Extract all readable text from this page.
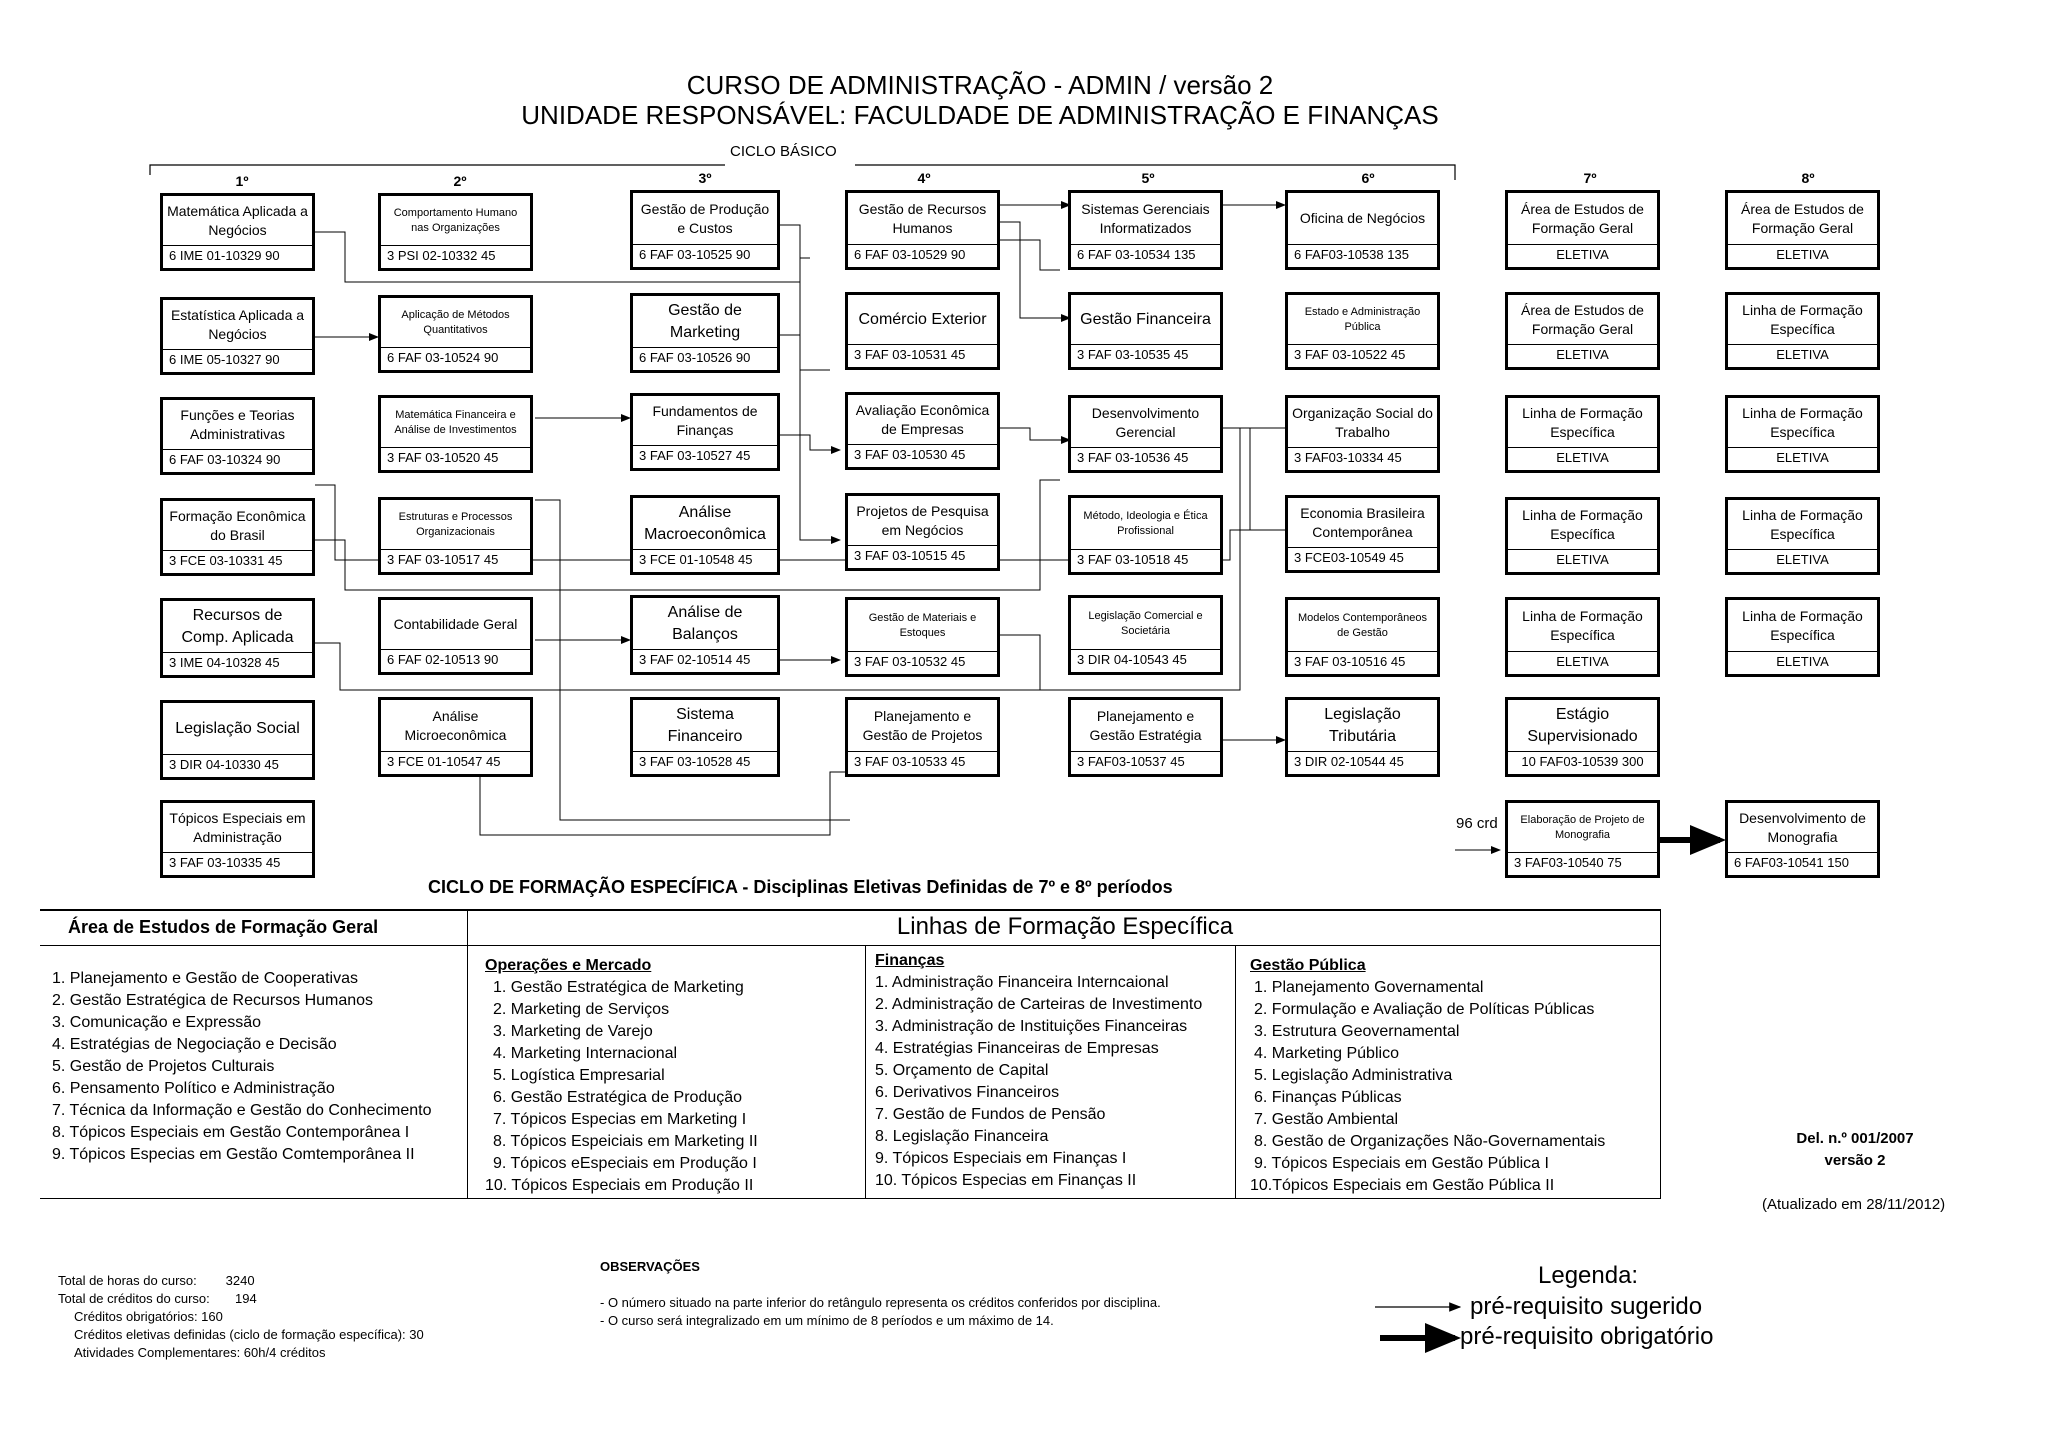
CURSO DE ADMINISTRAÇÃO - ADMIN / versão 2
UNIDADE RESPONSÁVEL: FACULDADE DE ADMINISTRAÇÃO E FINANÇAS
CICLO BÁSICO
1º	2º	3º	4º	5º	6º	7º	8º
Matemática Aplicada a Negócios
6 IME 01-10329 90
Estatística Aplicada a Negócios
6 IME 05-10327 90
Funções e Teorias Administrativas
6 FAF 03-10324 90
Formação Econômica do Brasil
3 FCE 03-10331 45
Recursos de Comp. Aplicada
3 IME 04-10328 45
Legislação Social
3 DIR 04-10330 45
Tópicos Especiais em Administração
3 FAF 03-10335 45
Comportamento Humano nas Organizações
3 PSI 02-10332 45
Aplicação de Métodos Quantitativos
6 FAF 03-10524 90
Matemática Financeira e Análise de Investimentos
3 FAF 03-10520 45
Estruturas e Processos Organizacionais
3 FAF 03-10517 45
Contabilidade Geral
6 FAF 02-10513 90
Análise Microeconômica
3 FCE 01-10547 45
Gestão de Produção e Custos
6 FAF 03-10525 90
Gestão de Marketing
6 FAF 03-10526 90
Fundamentos de Finanças
3 FAF 03-10527 45
Análise Macroeconômica
3 FCE 01-10548 45
Análise de Balanços
3 FAF 02-10514 45
Sistema Financeiro
3 FAF 03-10528 45
Gestão de Recursos Humanos
6 FAF 03-10529 90
Comércio Exterior
3 FAF 03-10531 45
Avaliação Econômica de Empresas
3 FAF 03-10530 45
Projetos de Pesquisa em Negócios
3 FAF 03-10515 45
Gestão de Materiais e Estoques
3 FAF 03-10532 45
Planejamento e Gestão de Projetos
3 FAF 03-10533 45
Sistemas Gerenciais Informatizados
6 FAF 03-10534 135
Gestão Financeira
3 FAF 03-10535 45
Desenvolvimento Gerencial
3 FAF 03-10536 45
Método, Ideologia e Ética Profissional
3 FAF 03-10518 45
Legislação Comercial e Societária
3 DIR 04-10543 45
Planejamento e Gestão Estratégia
3 FAF03-10537 45
Oficina de Negócios
6 FAF03-10538 135
Estado e Administração Pública
3 FAF 03-10522 45
Organização Social do Trabalho
3 FAF03-10334 45
Economia Brasileira Contemporânea
3 FCE03-10549 45
Modelos Contemporâneos de Gestão
3 FAF 03-10516 45
Legislação Tributária
3 DIR 02-10544 45
Área de Estudos de Formação Geral
ELETIVA
Área de Estudos de Formação Geral
ELETIVA
Linha de Formação Específica
ELETIVA
Linha de Formação Específica
ELETIVA
Linha de Formação Específica
ELETIVA
Estágio Supervisionado
10 FAF03-10539 300
Elaboração de Projeto de Monografia
3 FAF03-10540 75
Área de Estudos de Formação Geral
ELETIVA
Linha de Formação Específica
ELETIVA
Linha de Formação Específica
ELETIVA
Linha de Formação Específica
ELETIVA
Linha de Formação Específica
ELETIVA
Desenvolvimento de Monografia
6 FAF03-10541 150
96 crd
CICLO DE FORMAÇÃO ESPECÍFICA - Disciplinas Eletivas Definidas de 7º e 8º períodos
Área de Estudos de Formação Geral	Linhas de Formação Específica
1. Planejamento e Gestão de Cooperativas
2. Gestão Estratégica de Recursos Humanos
3. Comunicação e Expressão
4. Estratégias de Negociação e Decisão
5. Gestão de Projetos Culturais
6. Pensamento Político e Administração
7. Técnica da Informação e Gestão do Conhecimento
8. Tópicos Especiais em Gestão Contemporânea I
9. Tópicos Especias em Gestão Comtemporânea II
Operações e Mercado
1. Gestão Estratégica de Marketing
2. Marketing de Serviços
3. Marketing de Varejo
4. Marketing Internacional
5. Logística Empresarial
6. Gestão Estratégica de Produção
7. Tópicos Especias em Marketing I
8. Tópicos Espeiciais em Marketing II
9. Tópicos eEspeciais em Produção I
10. Tópicos Especiais em Produção II
Finanças
1. Administração Financeira Interncaional
2. Administração de Carteiras de Investimento
3. Administração de Instituições Financeiras
4. Estratégias Financeiras de Empresas
5. Orçamento de Capital
6. Derivativos Financeiros
7. Gestão de Fundos de Pensão
8. Legislação Financeira
9. Tópicos Especiais em Finanças I
10. Tópicos Especias em Finanças II
Gestão Pública
1. Planejamento Governamental
2. Formulação e Avaliação de Políticas Públicas
3. Estrutura Geovernamental
4. Marketing Público
5. Legislação Administrativa
6. Finanças Públicas
7. Gestão Ambiental
8. Gestão de Organizações Não-Governamentais
9. Tópicos Especiais em Gestão Pública I
10.Tópicos Especiais em Gestão Pública II
Del. n.º 001/2007
versão 2
(Atualizado em 28/11/2012)
Total de horas do curso:        3240
Total de créditos do curso:       194
Créditos obrigatórios: 160
Créditos eletivas definidas (ciclo de formação específica): 30
Atividades Complementares: 60h/4 créditos
OBSERVAÇÕES
- O número situado na parte inferior do retângulo representa os créditos conferidos por disciplina.
- O curso será integralizado em um mínimo de 8 períodos e um máximo de 14.
Legenda:
pré-requisito sugerido
pré-requisito obrigatório
